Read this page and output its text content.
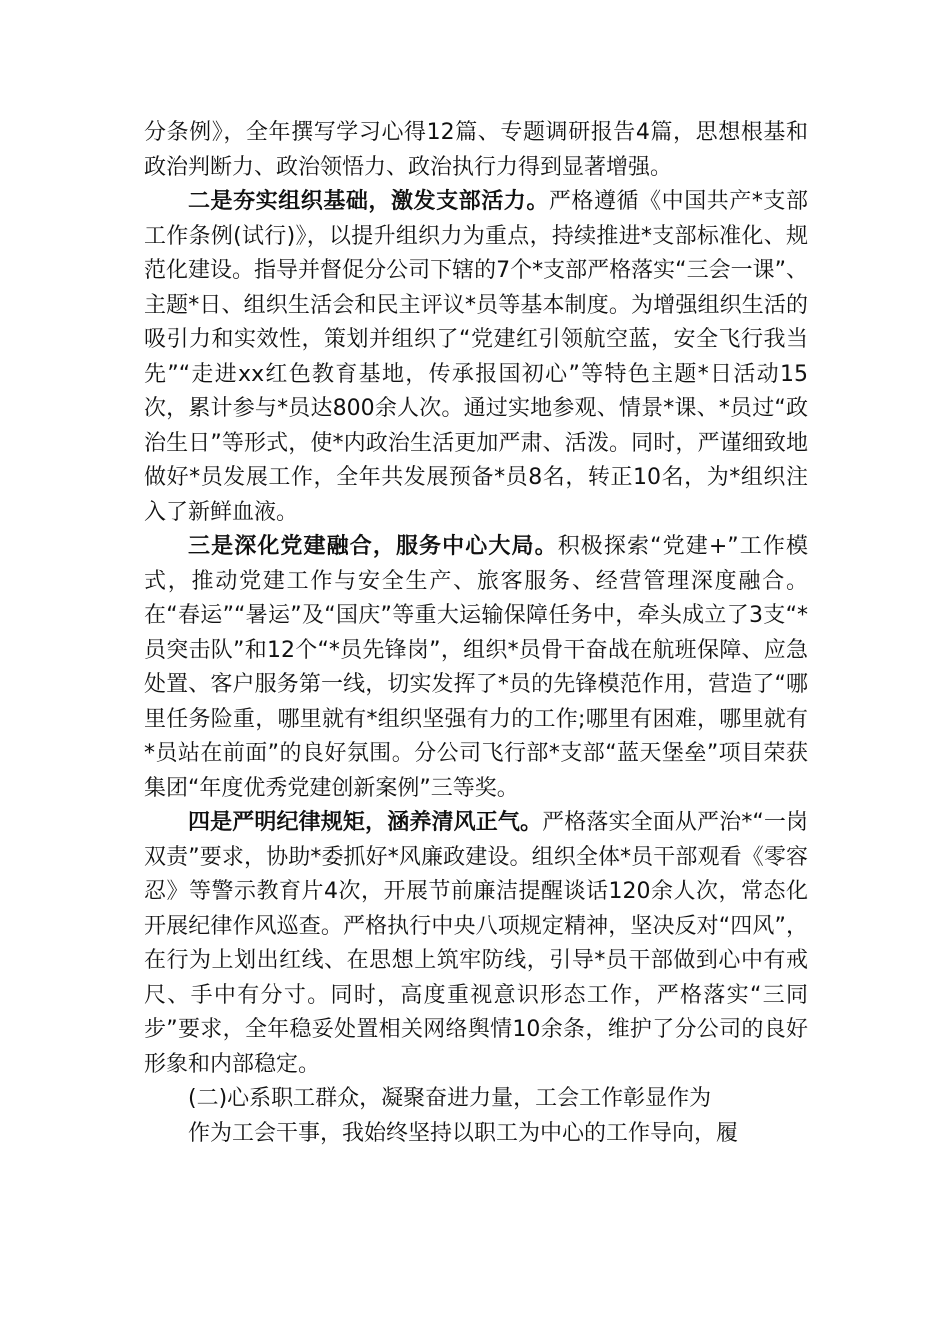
分条例》，全年撰写学习心得12篇、专题调研报告4篇，思想根基和政治判断力、政治领悟力、政治执行力得到显著增强。

二是夯实组织基础，激发支部活力。严格遵循《中国共产*支部工作条例(试行)》，以提升组织力为重点，持续推进*支部标准化、规范化建设。指导并督促分公司下辖的7个*支部严格落实“三会一课”、主题*日、组织生活会和民主评议*员等基本制度。为增强组织生活的吸引力和实效性，策划并组织了“党建红引领航空蓝，安全飞行我当先”“走进xx红色教育基地，传承报国初心”等特色主题*日活动15次，累计参与*员达800余人次。通过实地参观、情景*课、*员过“政治生日”等形式，使*内政治生活更加严肃、活泼。同时，严谨细致地做好*员发展工作，全年共发展预备*员8名，转正10名，为*组织注入了新鲜血液。

三是深化党建融合，服务中心大局。积极探索“党建+”工作模式，推动党建工作与安全生产、旅客服务、经营管理深度融合。在“春运”“暑运”及“国庆”等重大运输保障任务中，牵头成立了3支“*员突击队”和12个“*员先锋岗”，组织*员骨干奋战在航班保障、应急处置、客户服务第一线，切实发挥了*员的先锋模范作用，营造了“哪里任务险重，哪里就有*组织坚强有力的工作;哪里有困难，哪里就有*员站在前面”的良好氛围。分公司飞行部*支部“蓝天堡垒”项目荣获集团“年度优秀党建创新案例”三等奖。

四是严明纪律规矩，涵养清风正气。严格落实全面从严治*“一岗双责”要求，协助*委抓好*风廉政建设。组织全体*员干部观看《零容忍》等警示教育片4次，开展节前廉洁提醒谈话120余人次，常态化开展纪律作风巡查。严格执行中央八项规定精神，坚决反对“四风”，在行为上划出红线、在思想上筑牢防线，引导*员干部做到心中有戒尺、手中有分寸。同时，高度重视意识形态工作，严格落实“三同步”要求，全年稳妥处置相关网络舆情10余条，维护了分公司的良好形象和内部稳定。

(二)心系职工群众，凝聚奋进力量，工会工作彰显作为

作为工会干事，我始终坚持以职工为中心的工作导向，履
